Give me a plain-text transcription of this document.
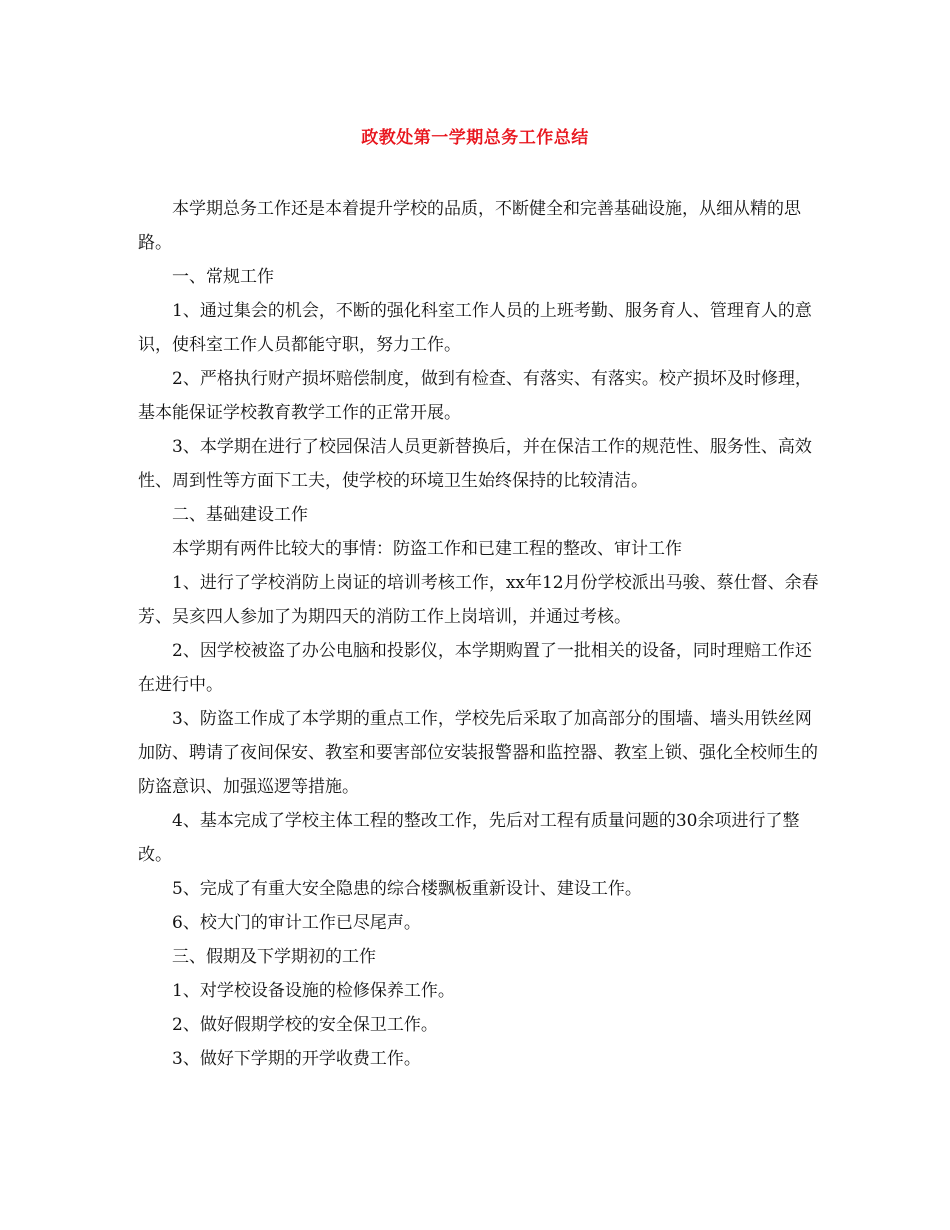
政教处第一学期总务工作总结

本学期总务工作还是本着提升学校的品质，不断健全和完善基础设施，从细从精的思路。

一、常规工作

1、通过集会的机会，不断的强化科室工作人员的上班考勤、服务育人、管理育人的意识，使科室工作人员都能守职，努力工作。

2、严格执行财产损坏赔偿制度，做到有检查、有落实、有落实。校产损坏及时修理，基本能保证学校教育教学工作的正常开展。

3、本学期在进行了校园保洁人员更新替换后，并在保洁工作的规范性、服务性、高效性、周到性等方面下工夫，使学校的环境卫生始终保持的比较清洁。

二、基础建设工作

本学期有两件比较大的事情：防盗工作和已建工程的整改、审计工作

1、进行了学校消防上岗证的培训考核工作，xx年12月份学校派出马骏、蔡仕督、余春芳、吴亥四人参加了为期四天的消防工作上岗培训，并通过考核。

2、因学校被盗了办公电脑和投影仪，本学期购置了一批相关的设备，同时理赔工作还在进行中。

3、防盗工作成了本学期的重点工作，学校先后采取了加高部分的围墙、墙头用铁丝网加防、聘请了夜间保安、教室和要害部位安装报警器和监控器、教室上锁、强化全校师生的防盗意识、加强巡逻等措施。

4、基本完成了学校主体工程的整改工作，先后对工程有质量问题的30余项进行了整改。

5、完成了有重大安全隐患的综合楼飘板重新设计、建设工作。

6、校大门的审计工作已尽尾声。

三、假期及下学期初的工作

1、对学校设备设施的检修保养工作。

2、做好假期学校的安全保卫工作。

3、做好下学期的开学收费工作。
